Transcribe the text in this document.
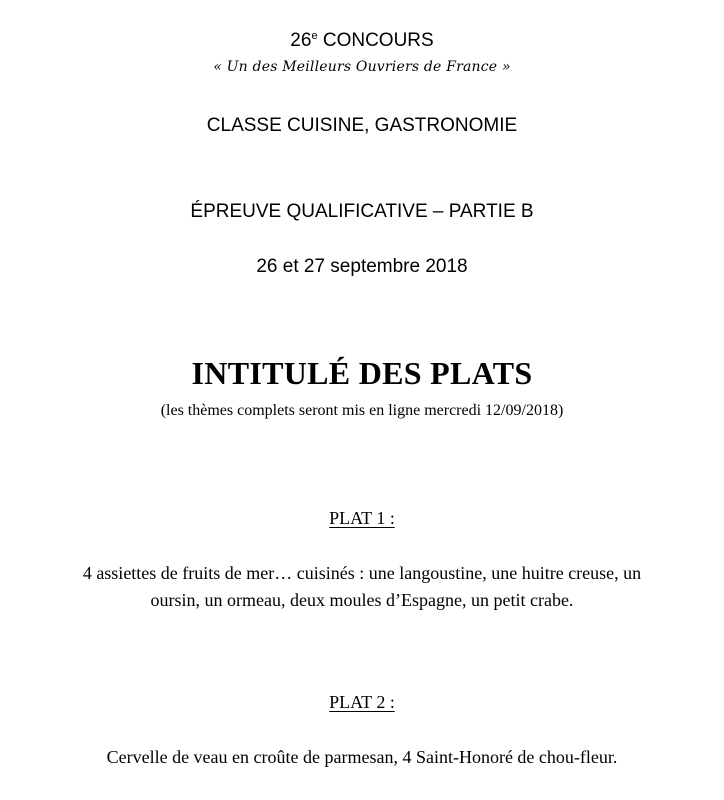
26e CONCOURS
« Un des Meilleurs Ouvriers de France »
CLASSE CUISINE, GASTRONOMIE
ÉPREUVE QUALIFICATIVE – PARTIE B
26 et 27 septembre 2018
INTITULÉ DES PLATS
(les thèmes complets seront mis en ligne mercredi 12/09/2018)
PLAT 1 :
4 assiettes de fruits de mer… cuisinés : une langoustine, une huitre creuse, un
oursin, un ormeau, deux moules d’Espagne, un petit crabe.
PLAT 2 :
Cervelle de veau en croûte de parmesan, 4 Saint-Honoré de chou-fleur.
